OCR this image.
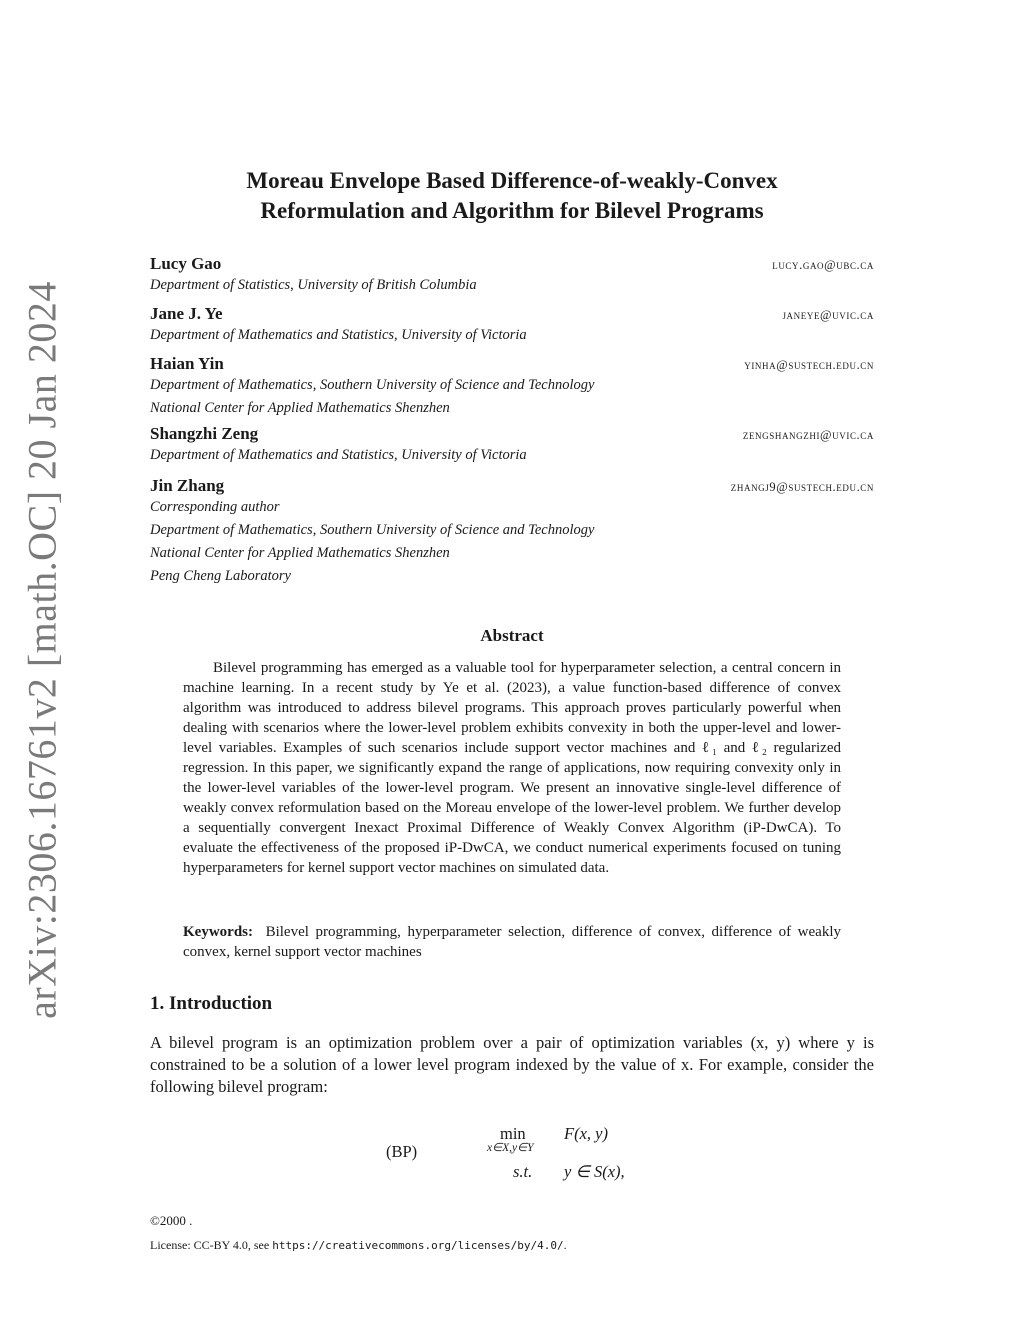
arXiv:2306.16761v2 [math.OC] 20 Jan 2024
Moreau Envelope Based Difference-of-weakly-Convex
Reformulation and Algorithm for Bilevel Programs
Lucy Gao	lucy.gao@ubc.ca
Department of Statistics, University of British Columbia
Jane J. Ye	janeye@uvic.ca
Department of Mathematics and Statistics, University of Victoria
Haian Yin	yinha@sustech.edu.cn
Department of Mathematics, Southern University of Science and Technology
National Center for Applied Mathematics Shenzhen
Shangzhi Zeng	zengshangzhi@uvic.ca
Department of Mathematics and Statistics, University of Victoria
Jin Zhang	zhangj9@sustech.edu.cn
Corresponding author
Department of Mathematics, Southern University of Science and Technology
National Center for Applied Mathematics Shenzhen
Peng Cheng Laboratory
Abstract
Bilevel programming has emerged as a valuable tool for hyperparameter selection, a central concern in machine learning. In a recent study by Ye et al. (2023), a value function-based difference of convex algorithm was introduced to address bilevel programs. This approach proves particularly powerful when dealing with scenarios where the lower-level problem exhibits convexity in both the upper-level and lower-level variables. Examples of such scenarios include support vector machines and ℓ₁ and ℓ₂ regularized regression. In this paper, we significantly expand the range of applications, now requiring convexity only in the lower-level variables of the lower-level program. We present an innovative single-level difference of weakly convex reformulation based on the Moreau envelope of the lower-level problem. We further develop a sequentially convergent Inexact Proximal Difference of Weakly Convex Algorithm (iP-DwCA). To evaluate the effectiveness of the proposed iP-DwCA, we conduct numerical experiments focused on tuning hyperparameters for kernel support vector machines on simulated data.
Keywords: Bilevel programming, hyperparameter selection, difference of convex, difference of weakly convex, kernel support vector machines
1. Introduction
A bilevel program is an optimization problem over a pair of optimization variables (x, y) where y is constrained to be a solution of a lower level program indexed by the value of x. For example, consider the following bilevel program:
(BP)
min
x∈X,y∈Y
F(x, y)
s.t. y ∈ S(x),
©2000 .
License: CC-BY 4.0, see https://creativecommons.org/licenses/by/4.0/.
